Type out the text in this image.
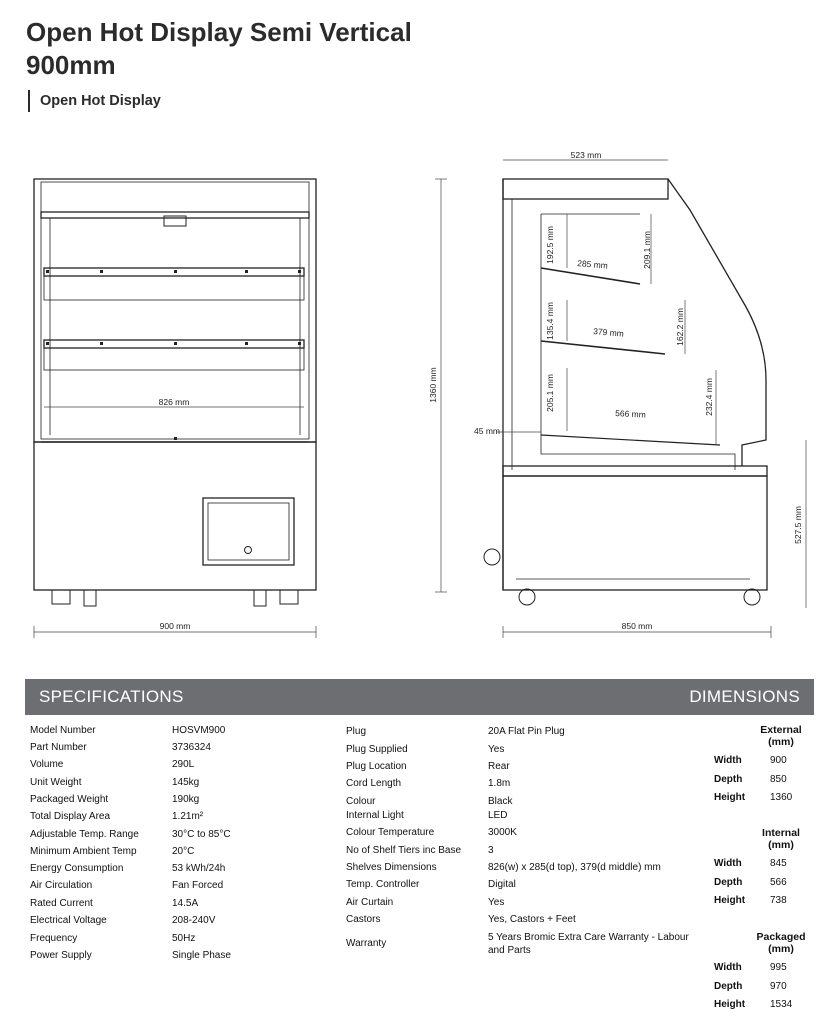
Open Hot Display Semi Vertical
900mm
Open Hot Display
826 mm
900 mm
1360 mm
523 mm
850 mm
527.5 mm
45 mm
192.5 mm
285 mm	209.1 mm
135.4 mm	379 mm	162.2 mm
205.1 mm
566 mm	232.4 mm
SPECIFICATIONS	DIMENSIONS
Model Number	HOSVM900
Part Number	3736324
Volume	290L
Unit Weight	145kg
Packaged Weight	190kg
Total Display Area	1.21m²
Adjustable Temp. Range	30°C to 85°C
Minimum Ambient Temp	20°C
Energy Consumption	53 kWh/24h
Air Circulation	Fan Forced
Rated Current	14.5A
Electrical Voltage	208-240V
Frequency	50Hz
Power Supply	Single Phase
Plug	20A Flat Pin Plug
Plug Supplied	Yes
Plug Location	Rear
Cord Length	1.8m
Colour	Black
Internal Light	LED
Colour Temperature	3000K
No of Shelf Tiers inc Base	3
Shelves Dimensions	826(w) x 285(d top), 379(d middle) mm
Temp. Controller	Digital
Air Curtain	Yes
Castors	Yes, Castors + Feet
Warranty
5 Years Bromic Extra Care Warranty - Labour
and Parts
External
(mm)
Width	900
Depth	850
Height 1360
Internal
(mm)
Width	845
Depth	566
Height 738
Packaged
(mm)
Width	995
Depth	970
Height 1534
